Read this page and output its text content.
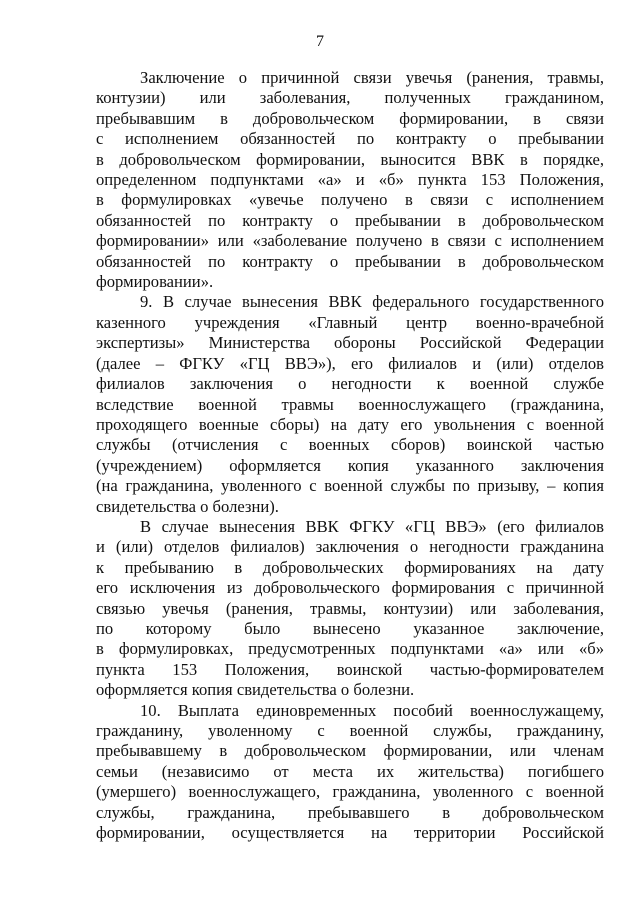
7
Заключение о причинной связи увечья (ранения, травмы,
контузии) или заболевания, полученных гражданином,
пребывавшим в добровольческом формировании, в связи
с исполнением обязанностей по контракту о пребывании
в добровольческом формировании, выносится ВВК в порядке,
определенном подпунктами «а» и «б» пункта 153 Положения,
в формулировках «увечье получено в связи с исполнением
обязанностей по контракту о пребывании в добровольческом
формировании» или «заболевание получено в связи с исполнением
обязанностей по контракту о пребывании в добровольческом
формировании».
9. В случае вынесения ВВК федерального государственного
казенного учреждения «Главный центр военно-врачебной
экспертизы» Министерства обороны Российской Федерации
(далее – ФГКУ «ГЦ ВВЭ»), его филиалов и (или) отделов
филиалов заключения о негодности к военной службе
вследствие военной травмы военнослужащего (гражданина,
проходящего военные сборы) на дату его увольнения с военной
службы (отчисления с военных сборов) воинской частью
(учреждением) оформляется копия указанного заключения
(на гражданина, уволенного с военной службы по призыву, – копия
свидетельства о болезни).
В случае вынесения ВВК ФГКУ «ГЦ ВВЭ» (его филиалов
и (или) отделов филиалов) заключения о негодности гражданина
к пребыванию в добровольческих формированиях на дату
его исключения из добровольческого формирования с причинной
связью увечья (ранения, травмы, контузии) или заболевания,
по которому было вынесено указанное заключение,
в формулировках, предусмотренных подпунктами «а» или «б»
пункта 153 Положения, воинской частью-формирователем
оформляется копия свидетельства о болезни.
10. Выплата единовременных пособий военнослужащему,
гражданину, уволенному с военной службы, гражданину,
пребывавшему в добровольческом формировании, или членам
семьи (независимо от места их жительства) погибшего
(умершего) военнослужащего, гражданина, уволенного с военной
службы, гражданина, пребывавшего в добровольческом
формировании, осуществляется на территории Российской
